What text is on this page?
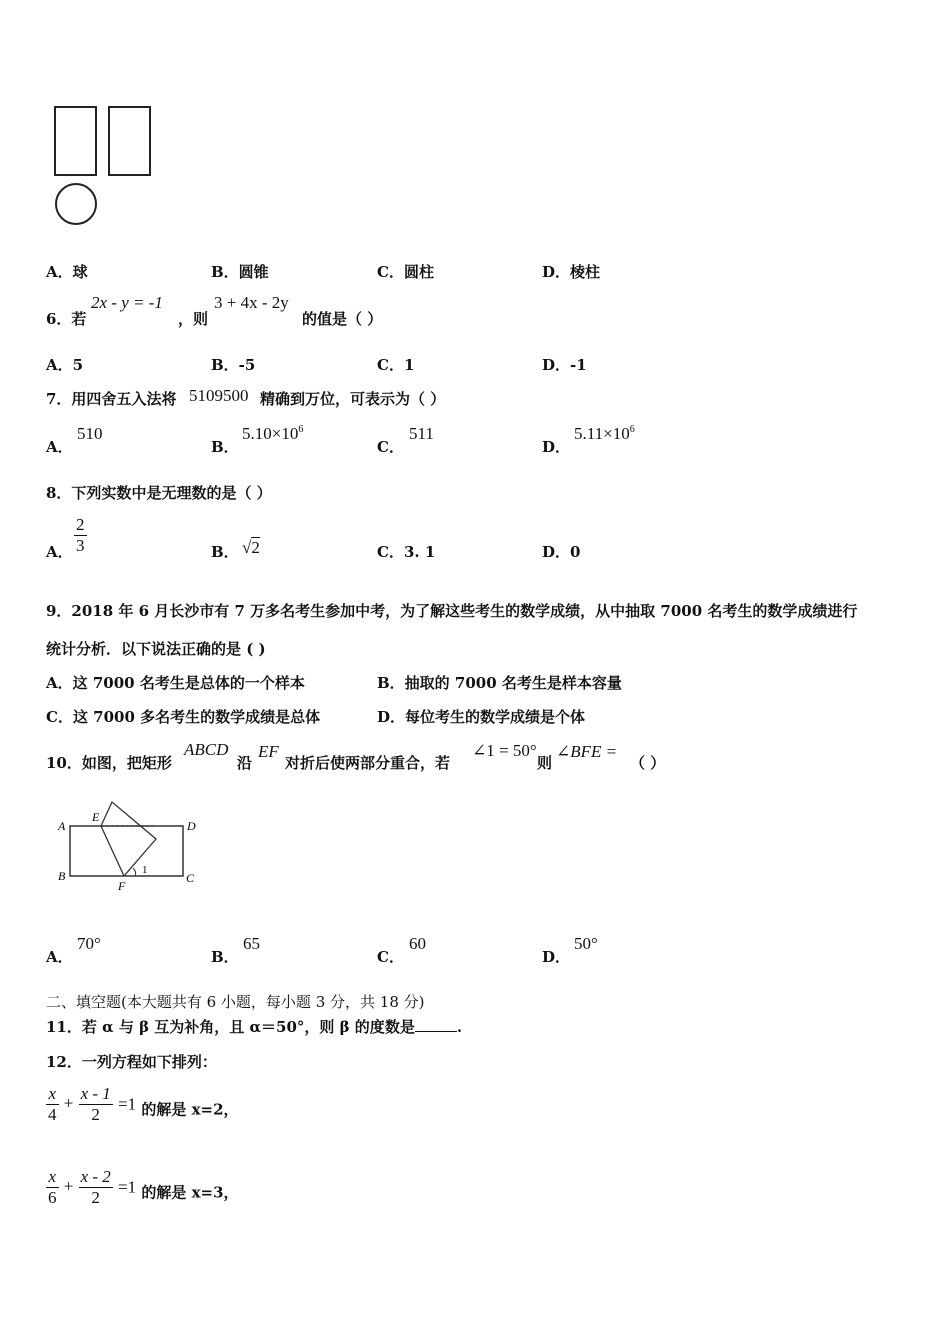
A．球	B．圆锥	C．圆柱	D．棱柱
6．若
2x - y = -1
，则
3 + 4x - 2y
的值是（ ）
A．5	B．-5	C．1	D．-1
7．用四舍五入法将 5109500 精确到万位，可表示为（ ）
A．
510
B．
$5.10\times 10^6$
C．
511
D．
$5.11\times 10^6$
8．下列实数中是无理数的是（ ）
A． $\frac{2}{3}$	B． √2	C．3. 1	D．0
9．2018 年 6 月长沙市有 7 万多名考生参加中考，为了解这些考生的数学成绩，从中抽取 7000 名考生的数学成绩进行
统计分析．以下说法正确的是 ( )
A．这 7000 名考生是总体的一个样本	B．抽取的 7000 名考生是样本容量
C．这 7000 多名考生的数学成绩是总体	D．每位考生的数学成绩是个体
10．如图，把矩形
ABCD
沿
EF
对折后使两部分重合，若
∠1 = 50°
则
∠BFE =
（ ）
A
E
D
B
F
C
1
A．
70°
B．
65
C．
60
D．
50°
二、填空题(本大题共有 6 小题，每小题 3 分，共 18 分)
11．若 α 与 β 互为补角，且 α＝50°，则 β 的度数是	.
12．一列方程如下排列：
$\frac{x}{4} + \frac{x - 1}{2} =1$ 的解是 x=2，
$\frac{x}{6} + \frac{x - 2}{2} =1$ 的解是 x=3，
